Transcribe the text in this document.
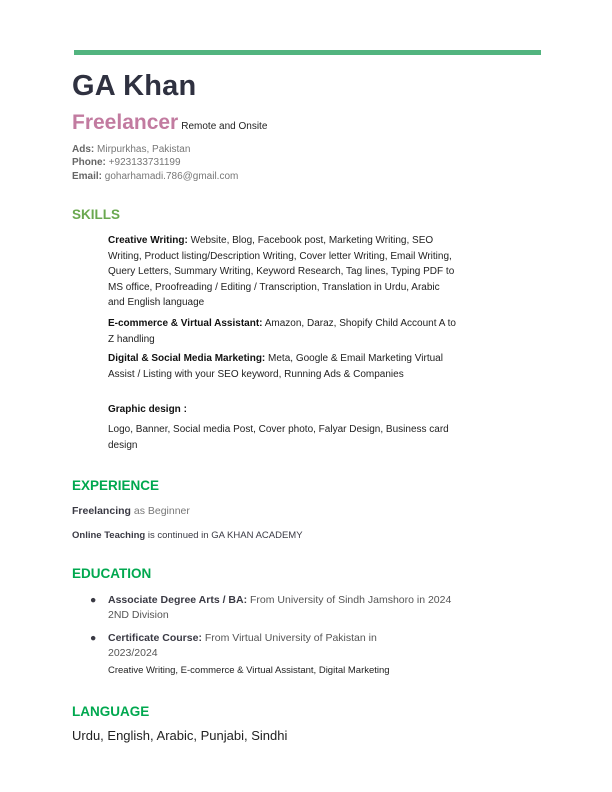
GA Khan
Freelancer Remote and Onsite
Ads: Mirpurkhas, Pakistan
Phone: +923133731199
Email: goharhamadi.786@gmail.com
SKILLS
Creative Writing: Website, Blog, Facebook post, Marketing Writing, SEO Writing, Product listing/Description Writing, Cover letter Writing, Email Writing, Query Letters, Summary Writing, Keyword Research, Tag lines, Typing PDF to MS office, Proofreading / Editing / Transcription, Translation in Urdu, Arabic and English language
E-commerce & Virtual Assistant: Amazon, Daraz, Shopify Child Account A to Z handling
Digital & Social Media Marketing: Meta, Google & Email Marketing Virtual Assist / Listing with your SEO keyword, Running Ads & Companies
Graphic design :
Logo, Banner, Social media Post, Cover photo, Falyar Design, Business card design
EXPERIENCE
Freelancing as Beginner
Online Teaching is continued in GA KHAN ACADEMY
EDUCATION
● Associate Degree Arts / BA: From University of Sindh Jamshoro in 2024 2ND Division
● Certificate Course: From Virtual University of Pakistan in 2023/2024
Creative Writing, E-commerce & Virtual Assistant, Digital Marketing
LANGUAGE
Urdu, English, Arabic, Punjabi, Sindhi
